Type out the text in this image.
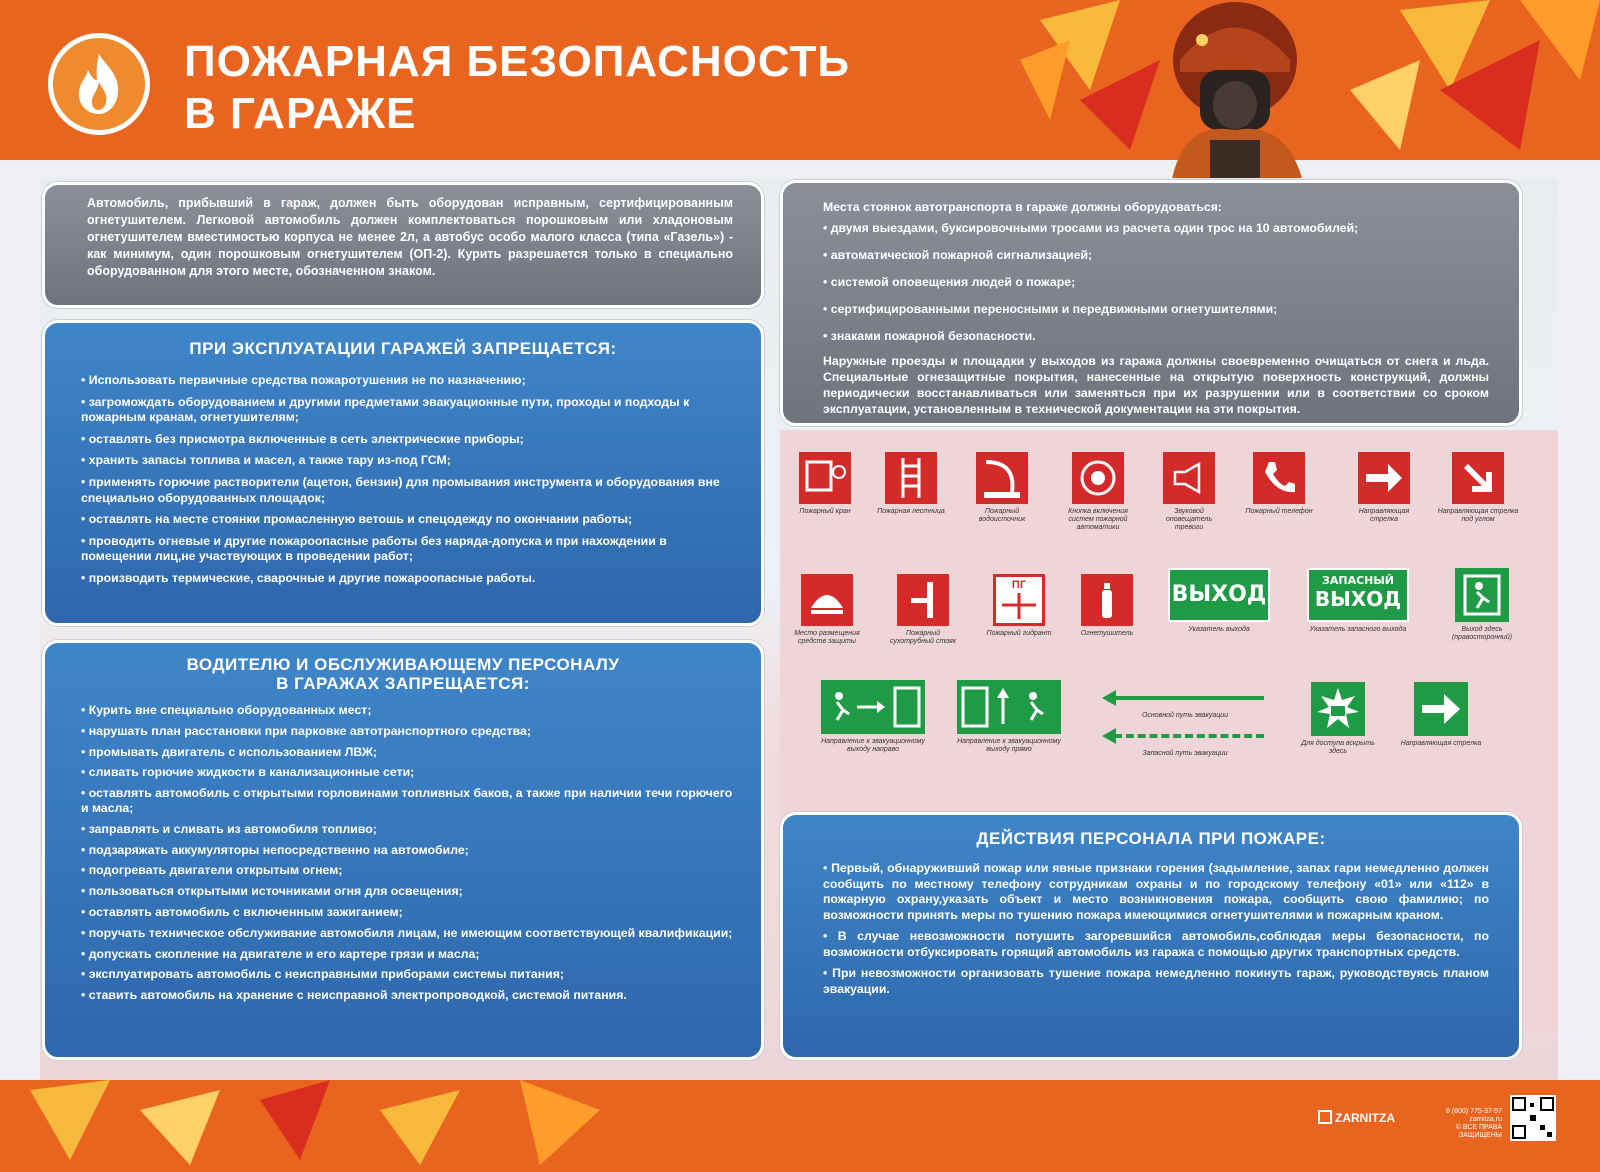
ПОЖАРНАЯ БЕЗОПАСНОСТЬ
В ГАРАЖЕ

Автомобиль, прибывший в гараж, должен быть оборудован исправным, сертифицированным огнетушителем. Легковой автомобиль должен комплектоваться порошковым или хладоновым огнетушителем вместимостью корпуса не менее 2л, а автобус особо малого класса (типа «Газель») - как минимум, один порошковым огнетушителем (ОП-2). Курить разрешается только в специально оборудованном для этого месте, обозначенном знаком.

Места стоянок автотранспорта в гараже должны оборудоваться:

• двумя выездами, буксировочными тросами из расчета один трос на 10 автомобилей;
• автоматической пожарной сигнализацией;
• системой оповещения людей о пожаре;
• сертифицированными переносными и передвижными огнетушителями;
• знаками пожарной безопасности.

Наружные проезды и площадки у выходов из гаража должны своевременно очищаться от снега и льда. Специальные огнезащитные покрытия, нанесенные на открытую поверхность конструкций, должны периодически восстанавливаться или заменяться при их разрушении или в соответствии со сроком эксплуатации, установленным в технической документации на эти покрытия.

ПРИ ЭКСПЛУАТАЦИИ ГАРАЖЕЙ ЗАПРЕЩАЕТСЯ:
• Использовать первичные средства пожаротушения не по назначению;
• загромождать оборудованием и другими предметами эвакуационные пути, проходы и подходы к пожарным кранам, огнетушителям;
• оставлять без присмотра включенные в сеть электрические приборы;
• хранить запасы топлива и масел, а также тару из-под ГСМ;
• применять горючие растворители (ацетон, бензин) для промывания инструмента и оборудования вне специально оборудованных площадок;
• оставлять на месте стоянки промасленную ветошь и спецодежду по окончании работы;
• проводить огневые и другие пожароопасные работы без наряда-допуска и при нахождении в помещении лиц,не участвующих в проведении работ;
• производить термические, сварочные и другие пожароопасные работы.
ВОДИТЕЛЮ И ОБСЛУЖИВАЮЩЕМУ ПЕРСОНАЛУ
В ГАРАЖАХ ЗАПРЕЩАЕТСЯ:
• Курить вне специально оборудованных мест;
• нарушать план расстановки при парковке автотранспортного средства;
• промывать двигатель с использованием ЛВЖ;
• сливать горючие жидкости в канализационные сети;
• оставлять автомобиль с открытыми горловинами топливных баков, а также при наличии течи горючего и масла;
• заправлять и сливать из автомобиля топливо;
• подзаряжать аккумуляторы непосредственно на автомобиле;
• подогревать двигатели открытым огнем;
• пользоваться открытыми источниками огня для освещения;
• оставлять автомобиль с включенным зажиганием;
• поручать техническое обслуживание автомобиля лицам, не имеющим соответствующей квалификации;
• допускать скопление на двигателе и его картере грязи и масла;
• эксплуатировать автомобиль с неисправными приборами системы питания;
• ставить автомобиль на хранение с неисправной электропроводкой, системой питания.
ДЕЙСТВИЯ ПЕРСОНАЛА ПРИ ПОЖАРЕ:
• Первый, обнаруживший пожар или явные признаки горения (задымление, запах гари немедленно должен сообщить по местному телефону сотрудникам охраны и по городскому телефону «01» или «112» в пожарную охрану,указать объект и место возникновения пожара, сообщить свою фамилию; по возможности принять меры по тушению пожара имеющимися огнетушителями и пожарным краном.
• В случае невозможности потушить загоревшийся автомобиль,соблюдая меры безопасности, по возможности отбуксировать горящий автомобиль из гаража с помощью других транспортных средств.
• При невозможности организовать тушение пожара немедленно покинуть гараж, руководствуясь планом эвакуации.
Пожарный кран	Пожарная лестница	Пожарный водоисточник
Кнопка включения систем пожарной автоматики
Звуковой оповещатель тревоги
Пожарный телефон	Направляющая стрелка
Направляющая стрелка под углом
Место размещения средств защиты
Пожарный сухотрубный стояк
ПГ
Пожарный гидрант	Огнетушитель
ВЫХОД
Указатель выхода
ЗАПАСНЫЙ
ВЫХОД
Указатель запасного выхода	Выход здесь (правосторонний)
Направление к эвакуационному выходу направо
Направление к эвакуационному выходу прямо
Основной путь эвакуации
Запасной путь эвакуации
Для доступа вскрыть здесь
Направляющая стрелка
ZARNITZA	8 (800) 775-37-97 zarnitza.ru
© ВСЕ ПРАВА ЗАЩИЩЕНЫ
